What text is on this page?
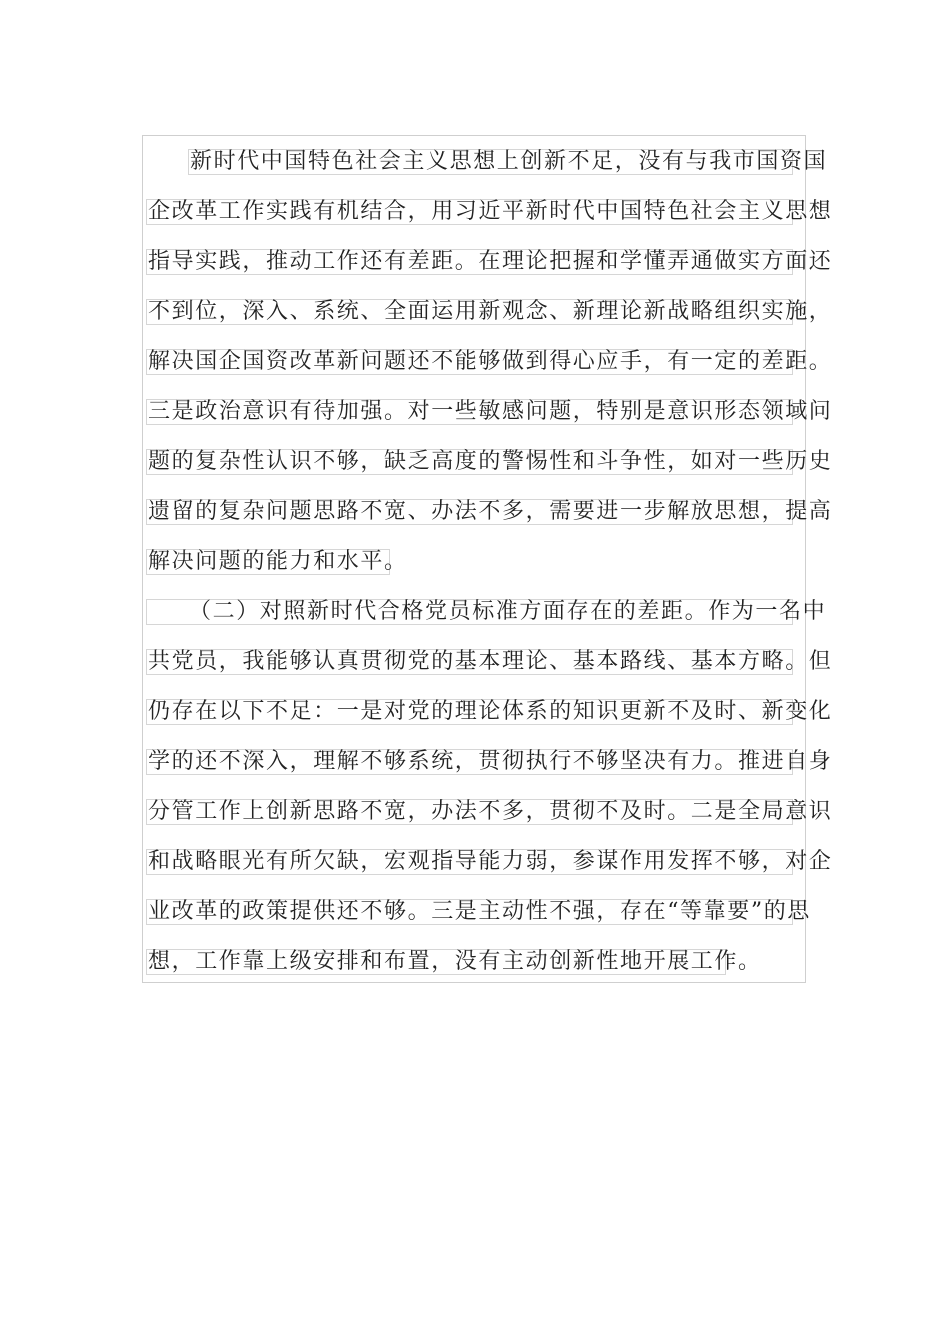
新时代中国特色社会主义思想上创新不足，没有与我市国资国
企改革工作实践有机结合，用习近平新时代中国特色社会主义思想
指导实践，推动工作还有差距。在理论把握和学懂弄通做实方面还
不到位，深入、系统、全面运用新观念、新理论新战略组织实施，
解决国企国资改革新问题还不能够做到得心应手，有一定的差距。
三是政治意识有待加强。对一些敏感问题，特别是意识形态领域问
题的复杂性认识不够，缺乏高度的警惕性和斗争性，如对一些历史
遗留的复杂问题思路不宽、办法不多，需要进一步解放思想，提高
解决问题的能力和水平。
（二）对照新时代合格党员标准方面存在的差距。作为一名中
共党员，我能够认真贯彻党的基本理论、基本路线、基本方略。但
仍存在以下不足：一是对党的理论体系的知识更新不及时、新变化
学的还不深入，理解不够系统，贯彻执行不够坚决有力。推进自身
分管工作上创新思路不宽，办法不多，贯彻不及时。二是全局意识
和战略眼光有所欠缺，宏观指导能力弱，参谋作用发挥不够，对企
业改革的政策提供还不够。三是主动性不强，存在“等靠要”的思
想，工作靠上级安排和布置，没有主动创新性地开展工作。
